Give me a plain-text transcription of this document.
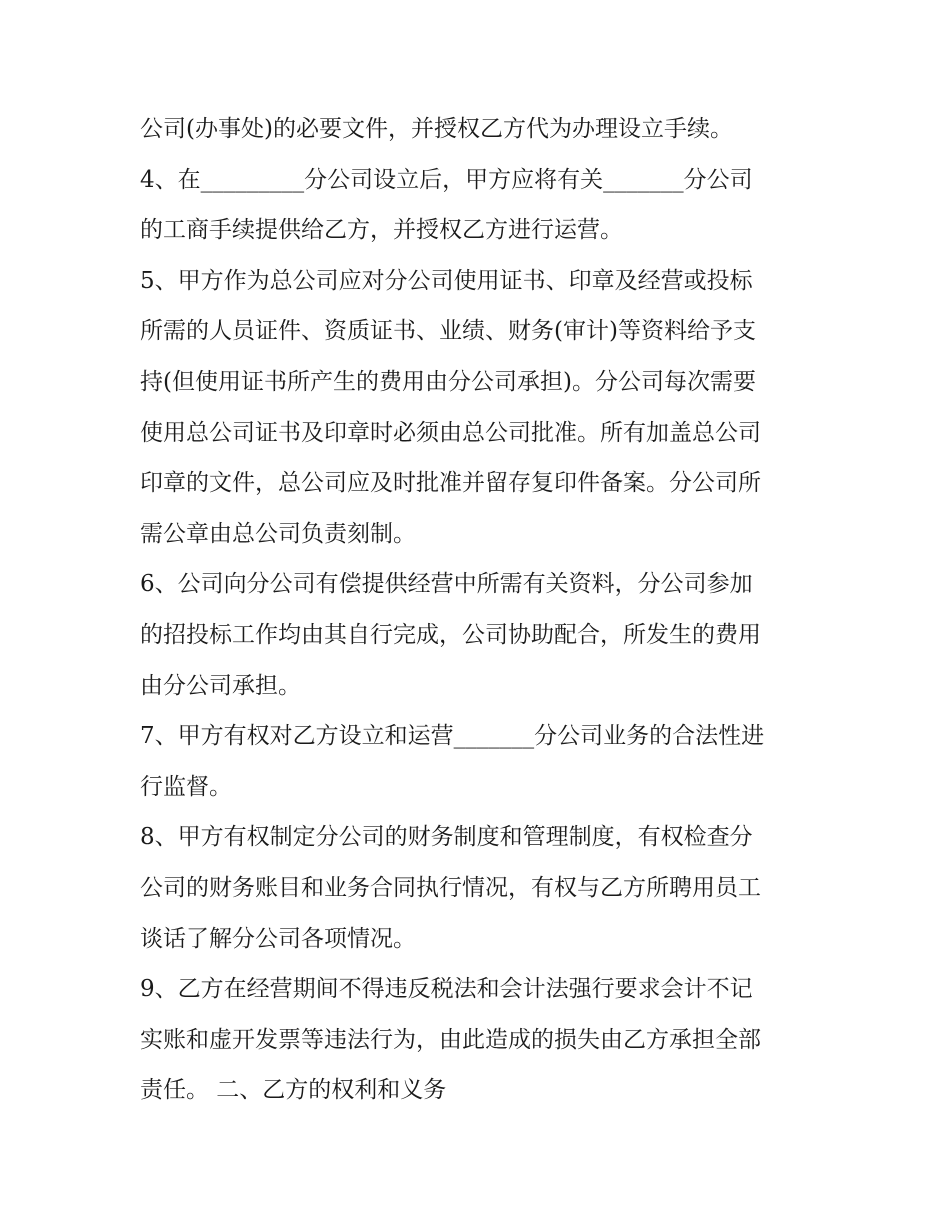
公司(办事处)的必要文件，并授权乙方代为办理设立手续。
4、在_________分公司设立后，甲方应将有关_______分公司
的工商手续提供给乙方，并授权乙方进行运营。
5、甲方作为总公司应对分公司使用证书、印章及经营或投标
所需的人员证件、资质证书、业绩、财务(审计)等资料给予支
持(但使用证书所产生的费用由分公司承担)。分公司每次需要
使用总公司证书及印章时必须由总公司批准。所有加盖总公司
印章的文件，总公司应及时批准并留存复印件备案。分公司所
需公章由总公司负责刻制。
6、公司向分公司有偿提供经营中所需有关资料，分公司参加
的招投标工作均由其自行完成，公司协助配合，所发生的费用
由分公司承担。
7、甲方有权对乙方设立和运营_______分公司业务的合法性进
行监督。
8、甲方有权制定分公司的财务制度和管理制度，有权检查分
公司的财务账目和业务合同执行情况，有权与乙方所聘用员工
谈话了解分公司各项情况。
9、乙方在经营期间不得违反税法和会计法强行要求会计不记
实账和虚开发票等违法行为，由此造成的损失由乙方承担全部
责任。 二、乙方的权利和义务
